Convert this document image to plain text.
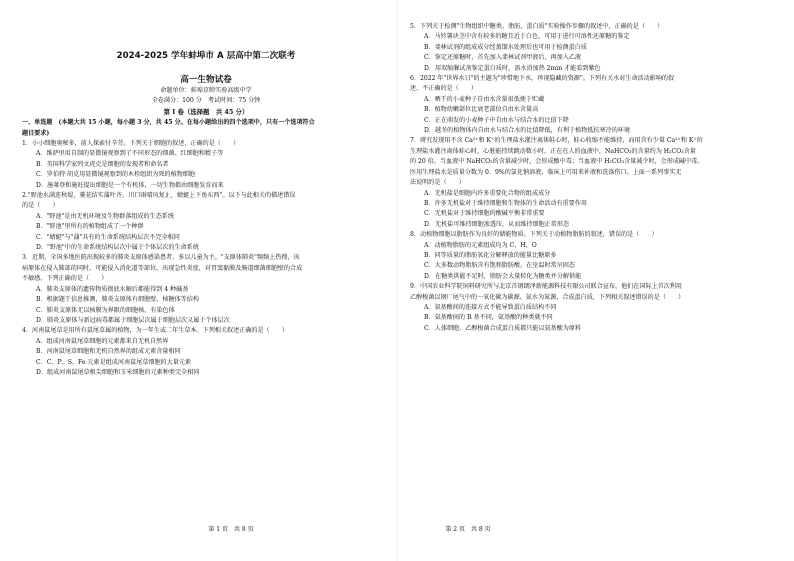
2024-2025 学年蚌埠市 A 层高中第二次联考
高一生物试卷
命题单位：蚌埠京师实验高级中学
全卷满分：100 分　考试时间：75 分钟
第 Ⅰ 卷（选择题　共 45 分）
一、单选题　(本题大共 15 小题，每小题 3 分，共 45 分。在每小题给出的四个选项中，只有一个选项符合
题目要求)
1．小小细胞奥秘多，前人探索付辛劳。下列关于细胞的叙述，正确的是（　　）
A．维萨里用自制的显微镜观察到了不同形态的细菌、红细胞和精子等
B．英国科学家列文虎克是细胞的发现者和命名者
C．罗伯特·胡克用显微镜观察到的木栓组织为死的植物细胞
D．施莱登和施旺提出细胞是一个有机体，一切生物都由细胞发育而来
2."野池水满连秋堤，菱花结实蒲叶齐。川口雨晴风复止，蜻蜓上下鱼东西"。以下与此相关的描述错误
的是（　　）
A．"野池"是由无机环境及生物群落组成的生态系统
B．"野池"里所有的植物组成了一个种群
C．"蜻蜓"与"蒲"具有的生命系统结构层次不完全相同
D．"野池"中的生命系统结构层次中属于个体层次的生命系统
3．近期，全国多地医院出现较多的肺炎支原体感染患者，多以儿童为主。"支原体肺炎"频频上热搜，该
病原体在侵入肺部的同时，可能侵入消化道等部位，出现急性炎症，对胃窦黏膜及肠道细菌细胞壁的合成
不敏感。下列正确的是（　　）
A．肺炎支原体的遗传物质彻底水解后都能得到 4 种碱基
B．根据题干信息推测，肺炎支原体有细胞壁、核糖体等结构
C．肺炎支原体无以核膜为界限的细胞核，有染色体
D．肺炎支原体与新冠病毒都属于细胞层次属于细胞层次又属于个体层次
4．河南鼠尾草是用所有鼠尾草属的植物，为一年生或二年生草本。下列相关叙述正确的是（　　）
A．组成河南鼠尾草细胞的元素都来自无机自然界
B．河南鼠尾草细胞和无机自然界的组成元素含量相同
C．C、P、S、Fe 元素是组成河南鼠尾草细胞的大量元素
D．组成河南鼠尾草根尖细胞和玉米细胞的元素种类完全相同
5．下列关于检测"生物组织中糖类、脂肪、蛋白质"实验操作步骤的叙述中，正确的是（　　）
A．马铃薯块茎中含有较多的糖且近于白色，可用于进行可溶性还原糖的鉴定
B．斐林试剂的组成成分经蒸馏水处理后也可用于检测蛋白质
C．鉴定还原糖时，首先加入斐林试剂甲液后，再加入乙液
D．用双缩脲试剂鉴定蛋白质时，需水浴加热 2min 才能看到紫色
6．2022 年"世界水日"的主题为"珍惜地下水，珍视隐藏的资源"。下列有关水对生命活动影响的叙
述，不正确的是（　　）
A．晒干的小麦种子自由水含量很低便于贮藏
B．植物幼嫩部位比衰老部位自由水含量高
C．正在萌发的小麦种子中自由水与结合水的比值下降
D．越冬的植物体内自由水与结合水的比值降低，有利于植物抵抗寒冷的环境
7．研究发现用不含 Ca²⁺和 K⁺的生理盐水灌注离体蛙心时，蛙心收缩不能维持，而用含有少量 Ca²⁺和 K⁺的
生理盐水灌注离体蛙心时，心脏能持续跳动数小时。正在在人的血液中，NaHCO₃的含量约为 H₂CO₃含量
的 20 倍，当血液中 NaHCO₃的含量减少时，会形成酸中毒；当血液中 H₂CO₃含量减少时，会形成碱中毒。
医用生理盐水是质量分数为 0．9%的氯化钠溶液，临床上可用来补液和洗涤伤口。上面一系列事实无
法说明的是（　　）
A．无机盐是细胞内许多重要化合物的组成成分
B．许多无机盐对于维持细胞和生物体的生命活动有重要作用
C．无机盐对于维持细胞的酸碱平衡非常重要
D．无机盐可维持细胞渗透压，从而维持细胞正常形态
8．动植物细胞以脂肪作为良好的储能物质。下列关于动植物脂肪的叙述，错误的是（　　）
A．动植物脂肪的元素组成均为 C、H、O
B．同等质量的脂肪氧化分解释放的能量比糖原多
C．大多数动物脂肪含有饱和脂肪酸，在室温时常呈固态
D．在糖类供能不足时，脂肪会大量转化为糖类并分解供能
9．中国农业科学院饲料研究所与北京首钢朗泽新能源科技有限公司联合宣布，他们在国际上首次利用
乙醇梭菌以钢厂尾气中的一氧化碳为碳源、氨水为氮源，合成蛋白质，下列相关叙述错误的是（　　）
A．氨基酸间的连接方式不能导致蛋白质结构不同
B．氨基酸间的 R 基不同，氨基酸的种类就不同
C．人体细胞、乙醇梭菌合成蛋白质都只能以氨基酸为原料
第 1 页　共 8 页	第 2 页　共 8 页
